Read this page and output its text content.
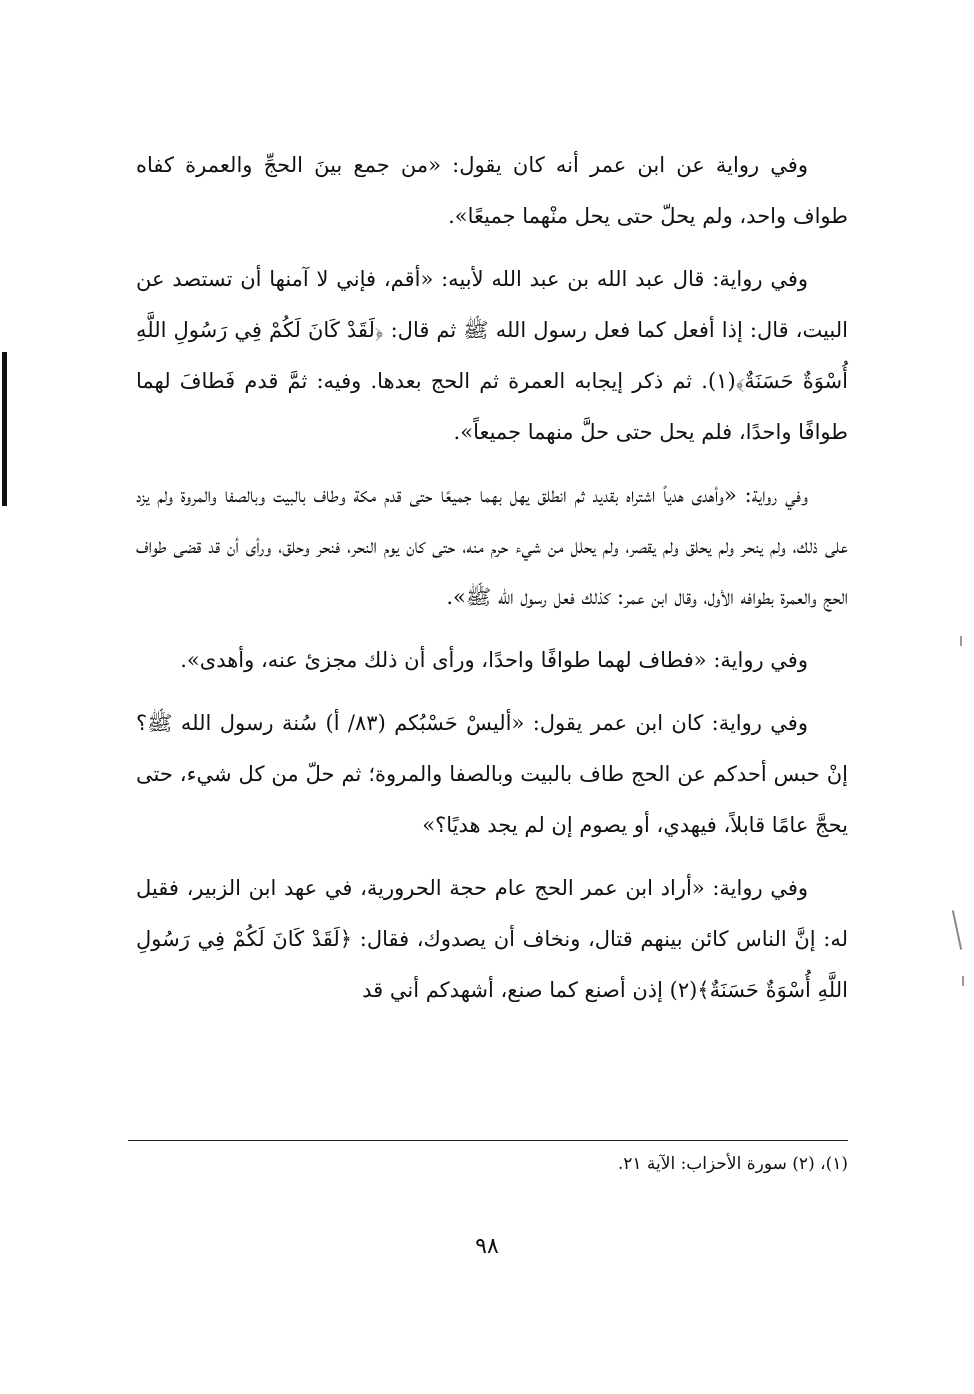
وفي رواية عن ابن عمر أنه كان يقول: «من جمع بينَ الحجِّ والعمرة كفاه طواف واحد، ولم يحلّ حتى يحل منْهما جميعًا».

وفي رواية: قال عبد الله بن عبد الله لأبيه: «أقم، فإني لا آمنها أن تستصد عن البيت، قال: إذا أفعل كما فعل رسول الله ﷺ ثم قال: ﴿لَقَدْ كَانَ لَكُمْ فِي رَسُولِ اللَّهِ أُسْوَةٌ حَسَنَةٌ﴾(١). ثم ذكر إيجابه العمرة ثم الحج بعدها. وفيه: ثمَّ قدم فَطافَ لهما طوافًا واحدًا، فلم يحل حتى حلَّ منهما جميعاً».

وفي رواية: «وأهدى هدياً اشتراه بقديد ثم انطلق يهل بهما جميعًا حتى قدم مكة وطاف بالبيت وبالصفا والمروة ولم يزد على ذلك، ولم ينحر ولم يحلق ولم يقصر، ولم يحلل من شيء حرم منه، حتى كان يوم النحر، فنحر وحلق، ورأى أن قد قضى طواف الحج والعمرة بطوافه الأول، وقال ابن عمر: كذلك فعل رسول الله ﷺ».

وفي رواية: «فطاف لهما طوافًا واحدًا، ورأى أن ذلك مجزئ عنه، وأهدى».

وفي رواية: كان ابن عمر يقول: «أليسْ حَسْبُكم (٨٣/ أ) سُنة رسول الله ﷺ؟ إنْ حبس أحدكم عن الحج طاف بالبيت وبالصفا والمروة؛ ثم حلّ من كل شيء، حتى يحجَّ عامًا قابلاً، فيهدي، أو يصوم إن لم يجد هديًا؟»

وفي رواية: «أراد ابن عمر الحج عام حجة الحرورية، في عهد ابن الزبير، فقيل له: إنَّ الناس كائن بينهم قتال، ونخاف أن يصدوك، فقال: ﴿لَقَدْ كَانَ لَكُمْ فِي رَسُولِ اللَّهِ أُسْوَةٌ حَسَنَةٌ﴾(٢) إذن أصنع كما صنع، أشهدكم أني قد

(١)، (٢) سورة الأحزاب: الآية ٢١.
٩٨
